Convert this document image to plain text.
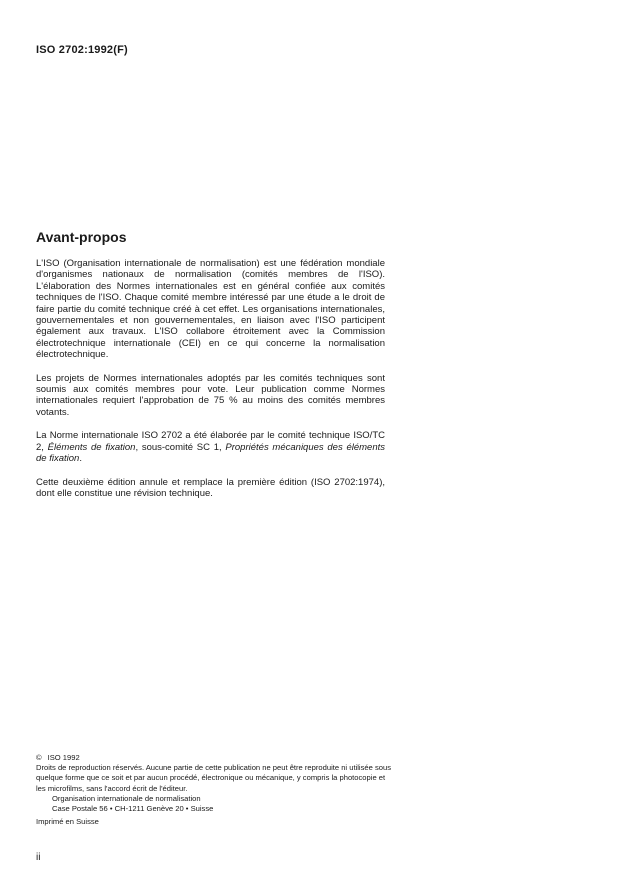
ISO 2702:1992(F)
Avant-propos

L'ISO (Organisation internationale de normalisation) est une fédération mondiale d'organismes nationaux de normalisation (comités membres de l'ISO). L'élaboration des Normes internationales est en général confiée aux comités techniques de l'ISO. Chaque comité membre intéressé par une étude a le droit de faire partie du comité technique créé à cet effet. Les organisations internationales, gouvernementales et non gouvernementales, en liaison avec l'ISO participent également aux travaux. L'ISO collabore étroitement avec la Commission électrotechnique internationale (CEI) en ce qui concerne la normalisation électrotechnique.

Les projets de Normes internationales adoptés par les comités techniques sont soumis aux comités membres pour vote. Leur publication comme Normes internationales requiert l'approbation de 75 % au moins des comités membres votants.

La Norme internationale ISO 2702 a été élaborée par le comité technique ISO/TC 2, Éléments de fixation, sous-comité SC 1, Propriétés mécaniques des éléments de fixation.

Cette deuxième édition annule et remplace la première édition (ISO 2702:1974), dont elle constitue une révision technique.

© ISO 1992
Droits de reproduction réservés. Aucune partie de cette publication ne peut être reproduite ni utilisée sous quelque forme que ce soit et par aucun procédé, électronique ou mécanique, y compris la photocopie et les microfilms, sans l'accord écrit de l'éditeur.
Organisation internationale de normalisation
Case Postale 56 • CH-1211 Genève 20 • Suisse
Imprimé en Suisse
ii
